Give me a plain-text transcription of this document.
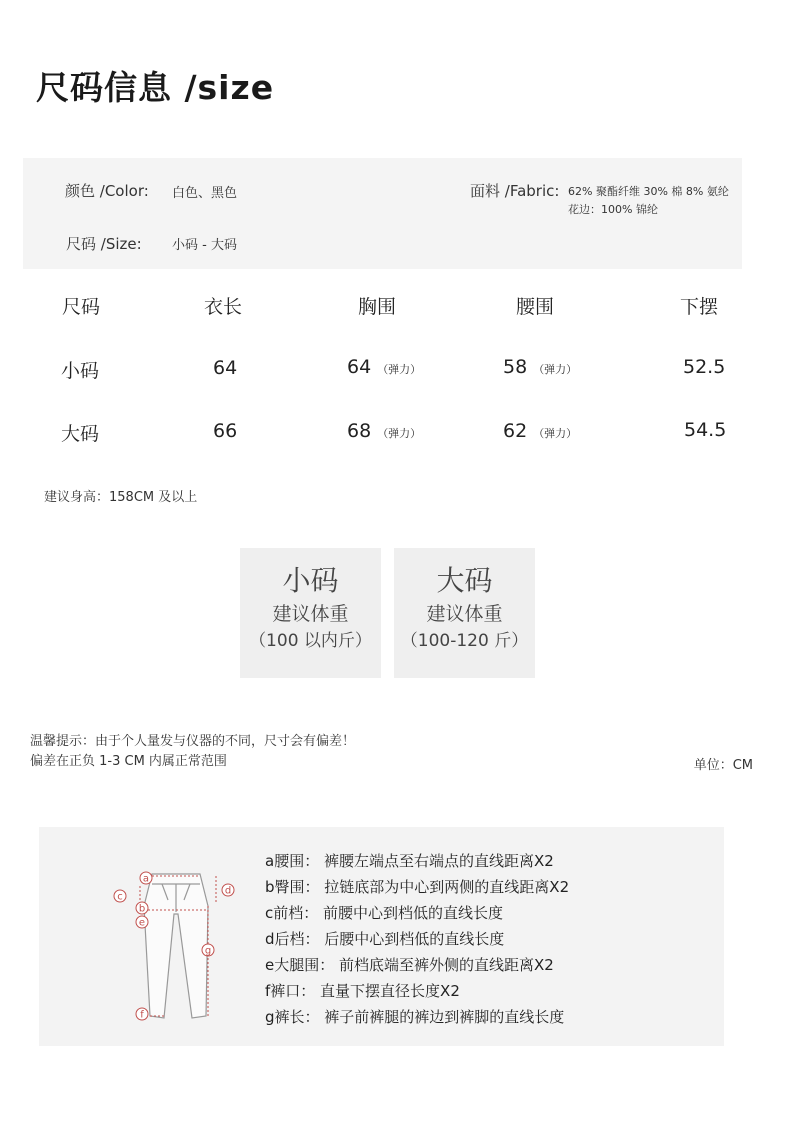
尺码信息 /size
颜色 /Color: 白色、黑色
尺码 /Size: 小码 - 大码
面料 /Fabric: 62% 聚酯纤维 30% 棉 8% 氨纶
花边：100% 锦纶
尺码	衣长	胸围	腰围	下摆
小码	64	64 （弹力）	58 （弹力）	52.5
大码	66	68 （弹力）	62 （弹力）	54.5
建议身高：158CM 及以上
小码
建议体重
（100 以内斤）
大码
建议体重
（100-120 斤）
温馨提示：由于个人量发与仪器的不同，尺寸会有偏差！
偏差在正负 1-3 CM 内属正常范围	单位：CM
a
c
b
e
d
g
f
a腰围： 裤腰左端点至右端点的直线距离X2
b臀围： 拉链底部为中心到两侧的直线距离X2
c前档： 前腰中心到档低的直线长度
d后档： 后腰中心到档低的直线长度
e大腿围： 前档底端至裤外侧的直线距离X2
f裤口： 直量下摆直径长度X2
g裤长： 裤子前裤腿的裤边到裤脚的直线长度
